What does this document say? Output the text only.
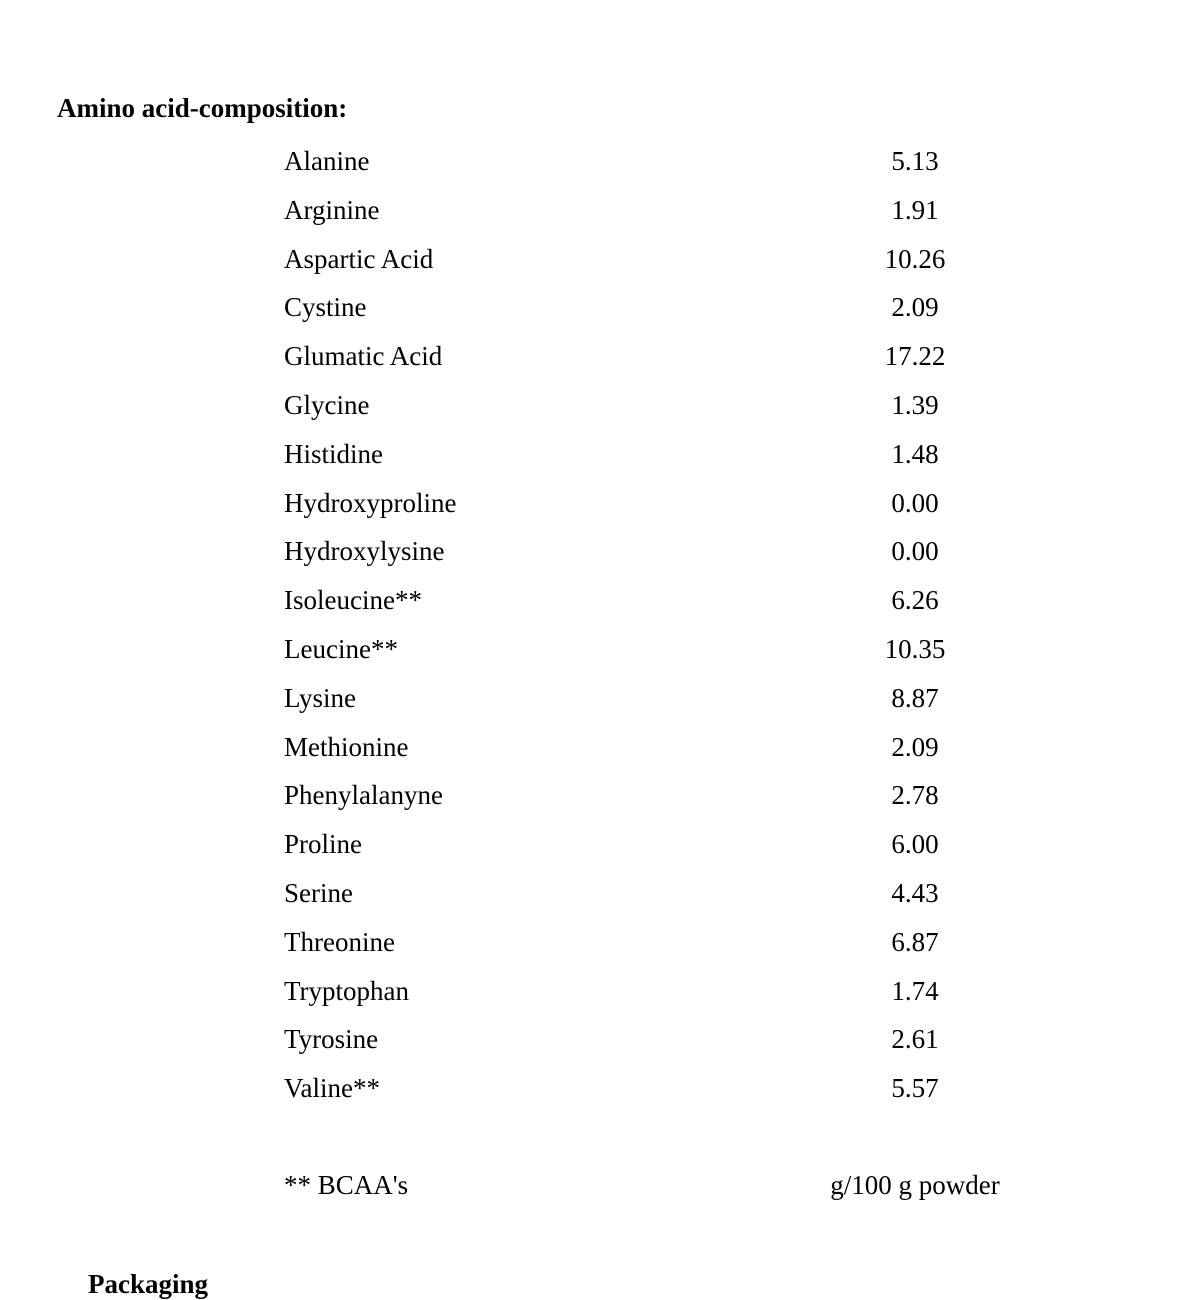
Amino acid-composition:
Alanine	5.13
Arginine	1.91
Aspartic Acid	10.26
Cystine	2.09
Glumatic Acid	17.22
Glycine	1.39
Histidine	1.48
Hydroxyproline	0.00
Hydroxylysine	0.00
Isoleucine**	6.26
Leucine**	10.35
Lysine	8.87
Methionine	2.09
Phenylalanyne	2.78
Proline	6.00
Serine	4.43
Threonine	6.87
Tryptophan	1.74
Tyrosine	2.61
Valine**	5.57
** BCAA's	g/100 g powder
Packaging
